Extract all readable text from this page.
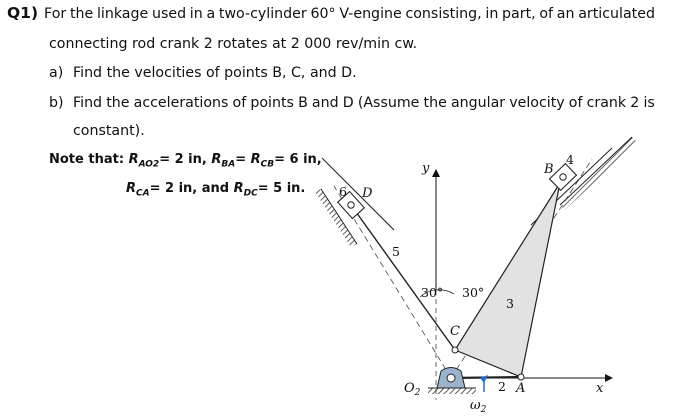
Q1) For the linkage used in a two-cylinder 60° V-engine consisting, in part, of an articulated
connecting rod crank 2 rotates at 2 000 rev/min cw.
a) Find the velocities of points B, C, and D.
b) Find the accelerations of points B and D (Assume the angular velocity of crank 2 is
constant).
Note that: $R_{AO2}= 2$ in, $R_{BA}= R_{CB}= 6$ in,
$R_{CA}= 2$ in, and $R_{DC}= 5$ in.
y
x
B
4
6 D
5
30° 30°
3
C
$O_2$	2 A
$\omega_2$
